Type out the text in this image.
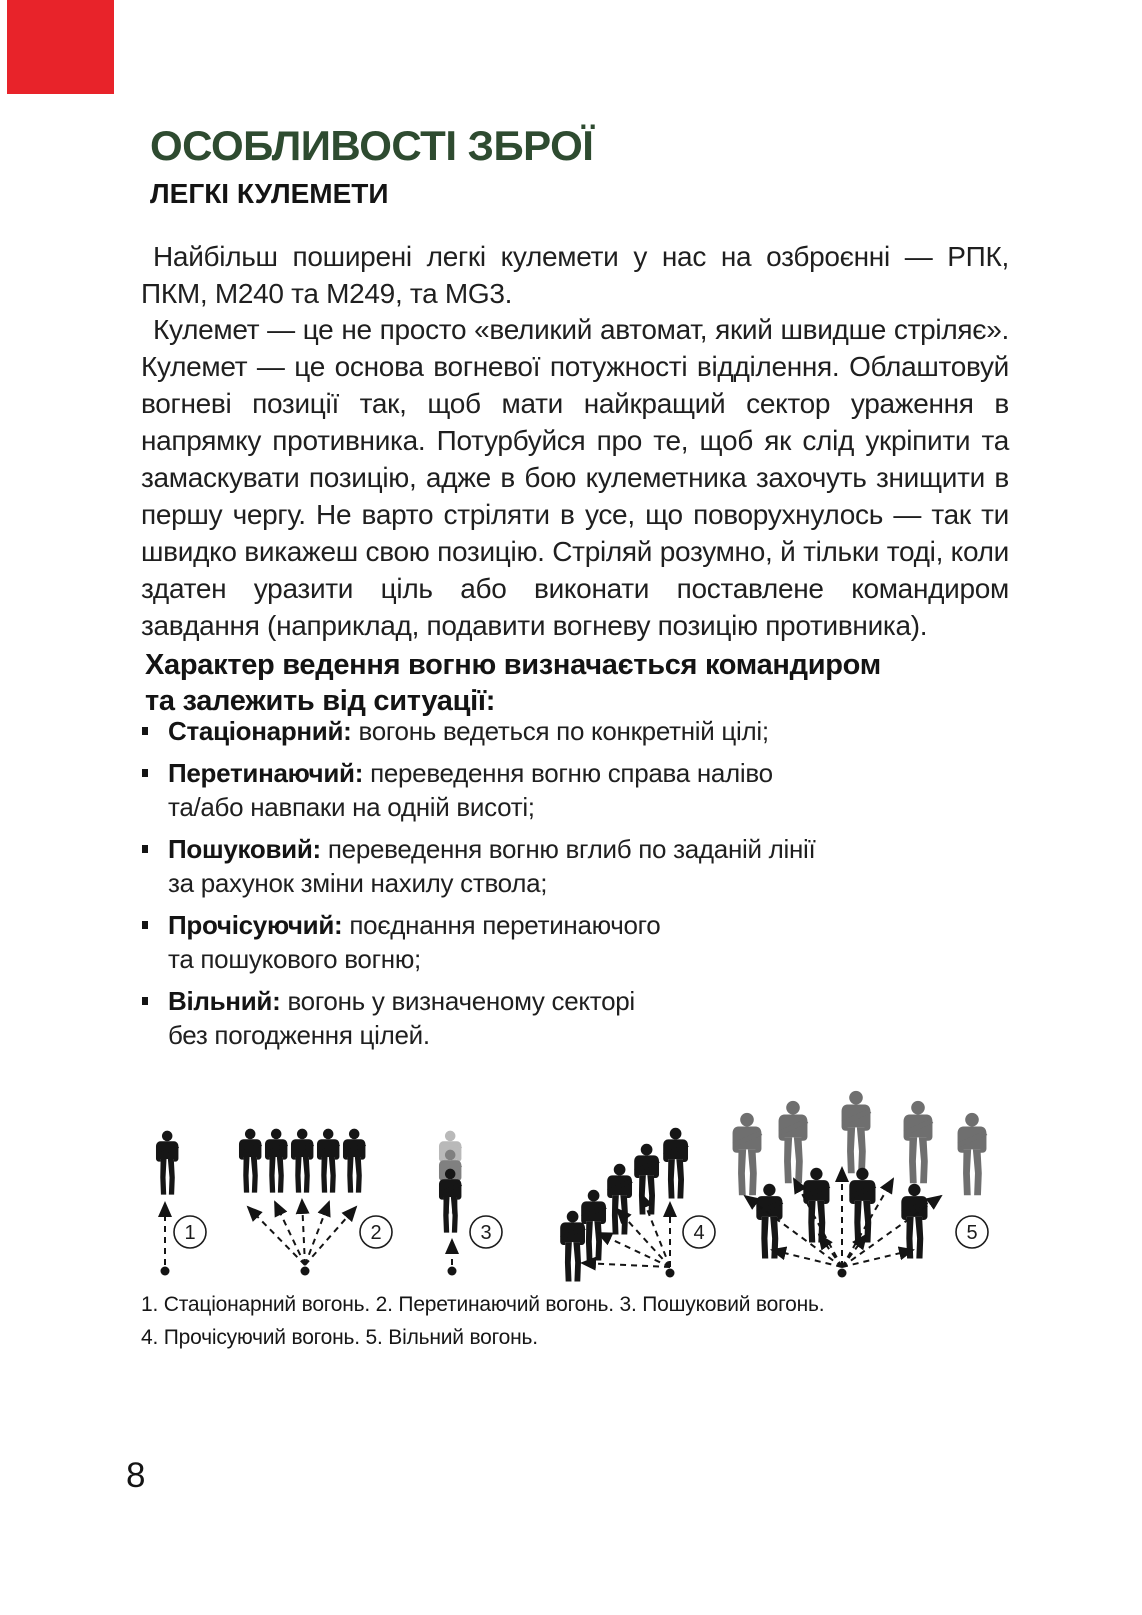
ОСОБЛИВОСТІ ЗБРОЇ
ЛЕГКІ КУЛЕМЕТИ

Найбільш поширені легкі кулемети у нас на озброєнні — РПК, ПКМ, М240 та М249, та MG3.

Кулемет — це не просто «великий автомат, який швидше стріляє». Кулемет — це основа вогневої потужності відділення. Облаштовуй вогневі позиції так, щоб мати найкращий сектор ураження в напрямку противника. Потурбуйся про те, щоб як слід укріпити та замаскувати позицію, адже в бою кулеметника захочуть знищити в першу чергу. Не варто стріляти в усе, що поворухнулось — так ти швидко викажеш свою позицію. Стріляй розумно, й тільки тоді, коли здатен уразити ціль або виконати поставлене командиром завдання (наприклад, подавити вогневу позицію противника).

Характер ведення вогню визначається командиром
та залежить від ситуації:
Стаціонарний: вогонь ведеться по конкретній цілі;
Перетинаючий: переведення вогню справа наліво
та/або навпаки на одній висоті;
Пошуковий: переведення вогню вглиб по заданій лінії
за рахунок зміни нахилу ствола;
Прочісуючий: поєднання перетинаючого
та пошукового вогню;
Вільний: вогонь у визначеному секторі
без погодження цілей.
1	2	3	4	5
1. Стаціонарний вогонь. 2. Перетинаючий вогонь. 3. Пошуковий вогонь.
4. Прочісуючий вогонь. 5. Вільний вогонь.
8
